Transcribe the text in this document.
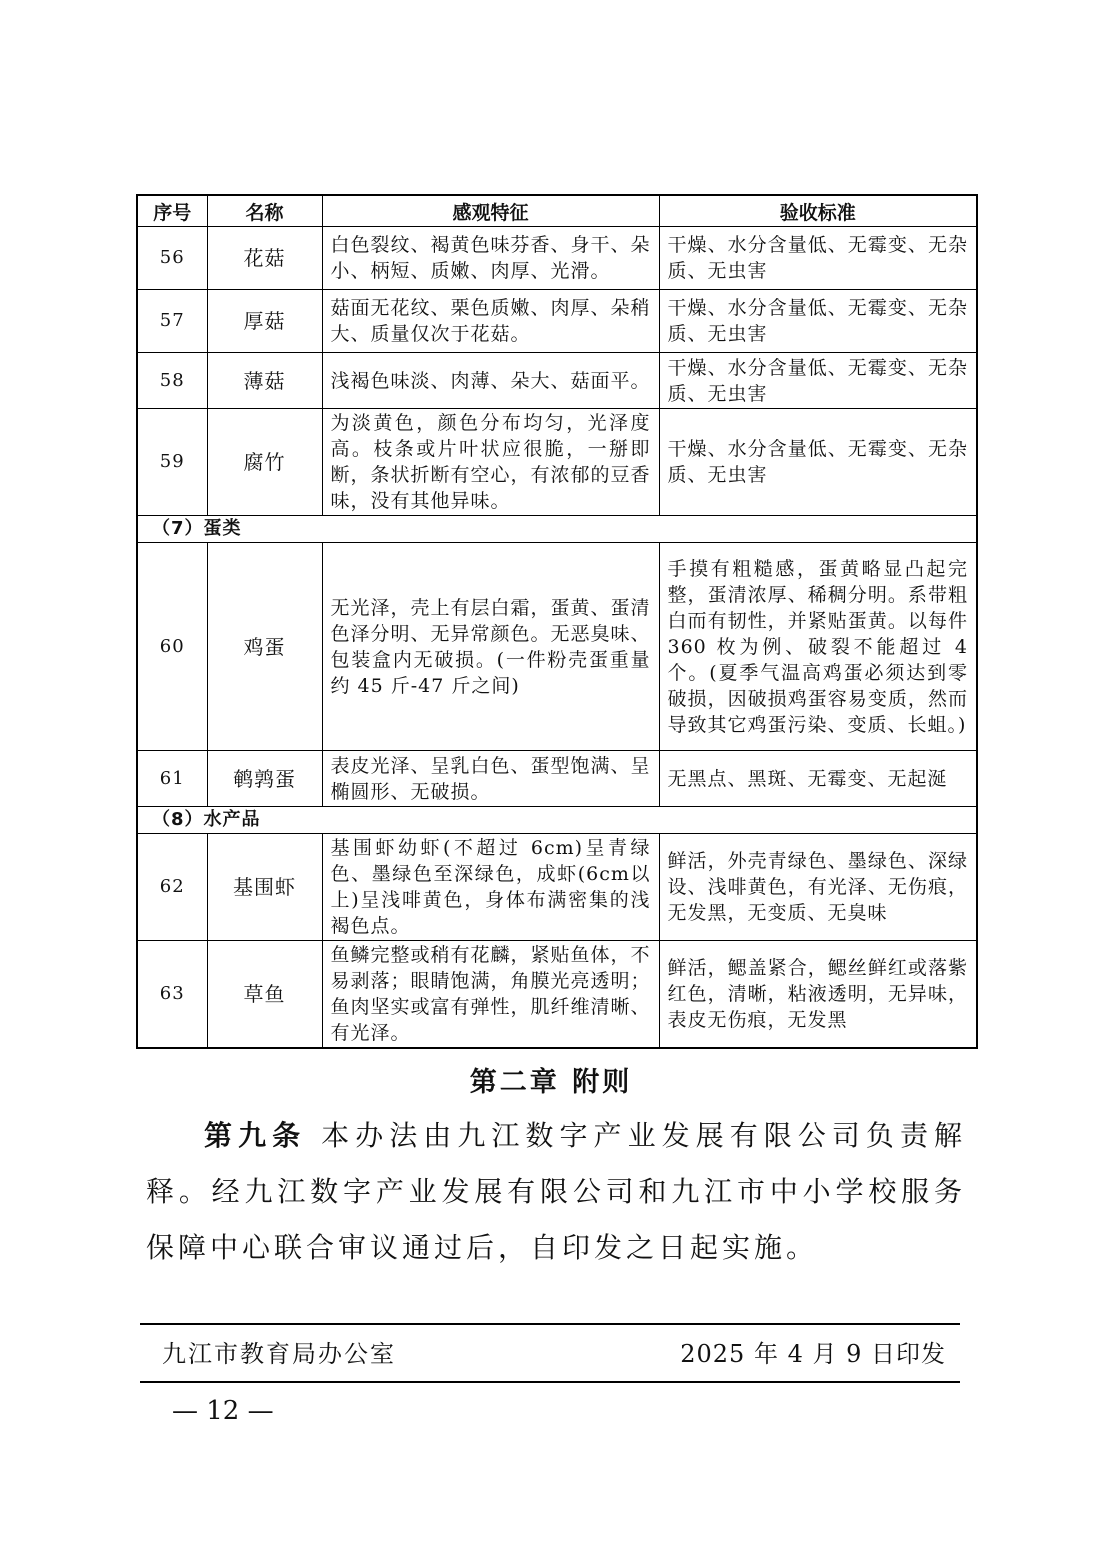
序号	名称	感观特征	验收标准
56	花菇	白色裂纹、褐黄色味芬香、身干、朵小、柄短、质嫩、肉厚、光滑。	干燥、水分含量低、无霉变、无杂质、无虫害
57	厚菇	菇面无花纹、栗色质嫩、肉厚、朵稍大、质量仅次于花菇。	干燥、水分含量低、无霉变、无杂质、无虫害
58	薄菇	浅褐色味淡、肉薄、朵大、菇面平。	干燥、水分含量低、无霉变、无杂质、无虫害
59	腐竹	为淡黄色，颜色分布均匀，光泽度高。枝条或片叶状应很脆，一掰即断，条状折断有空心，有浓郁的豆香味，没有其他异味。	干燥、水分含量低、无霉变、无杂质、无虫害
（7）蛋类			
60	鸡蛋	无光泽，壳上有层白霜，蛋黄、蛋清色泽分明、无异常颜色。无恶臭味、包装盒内无破损。(一件粉壳蛋重量约 45 斤-47 斤之间)	手摸有粗糙感，蛋黄略显凸起完整，蛋清浓厚、稀稠分明。系带粗白而有韧性，并紧贴蛋黄。以每件 360 枚为例、破裂不能超过 4 个。(夏季气温高鸡蛋必须达到零破损，因破损鸡蛋容易变质，然而导致其它鸡蛋污染、变质、长蛆。)
61	鹌鹑蛋	表皮光泽、呈乳白色、蛋型饱满、呈椭圆形、无破损。	无黑点、黑斑、无霉变、无起涎
（8）水产品			
62	基围虾	基围虾幼虾(不超过 6cm)呈青绿色、墨绿色至深绿色，成虾(6cm以上)呈浅啡黄色，身体布满密集的浅褐色点。	鲜活，外壳青绿色、墨绿色、深绿设、浅啡黄色，有光泽、无伤痕，无发黑，无变质、无臭味
63	草鱼	鱼鳞完整或稍有花麟，紧贴鱼体，不易剥落；眼睛饱满，角膜光亮透明；鱼肉坚实或富有弹性，肌纤维清晰、有光泽。	鲜活，鳃盖紧合，鳃丝鲜红或落紫红色，清晰，粘液透明，无异味，表皮无伤痕，无发黑
第二章 附则

第九条 本办法由九江数字产业发展有限公司负责解释。经九江数字产业发展有限公司和九江市中小学校服务保障中心联合审议通过后，自印发之日起实施。

九江市教育局办公室	2025 年 4 月 9 日印发
— 12 —
